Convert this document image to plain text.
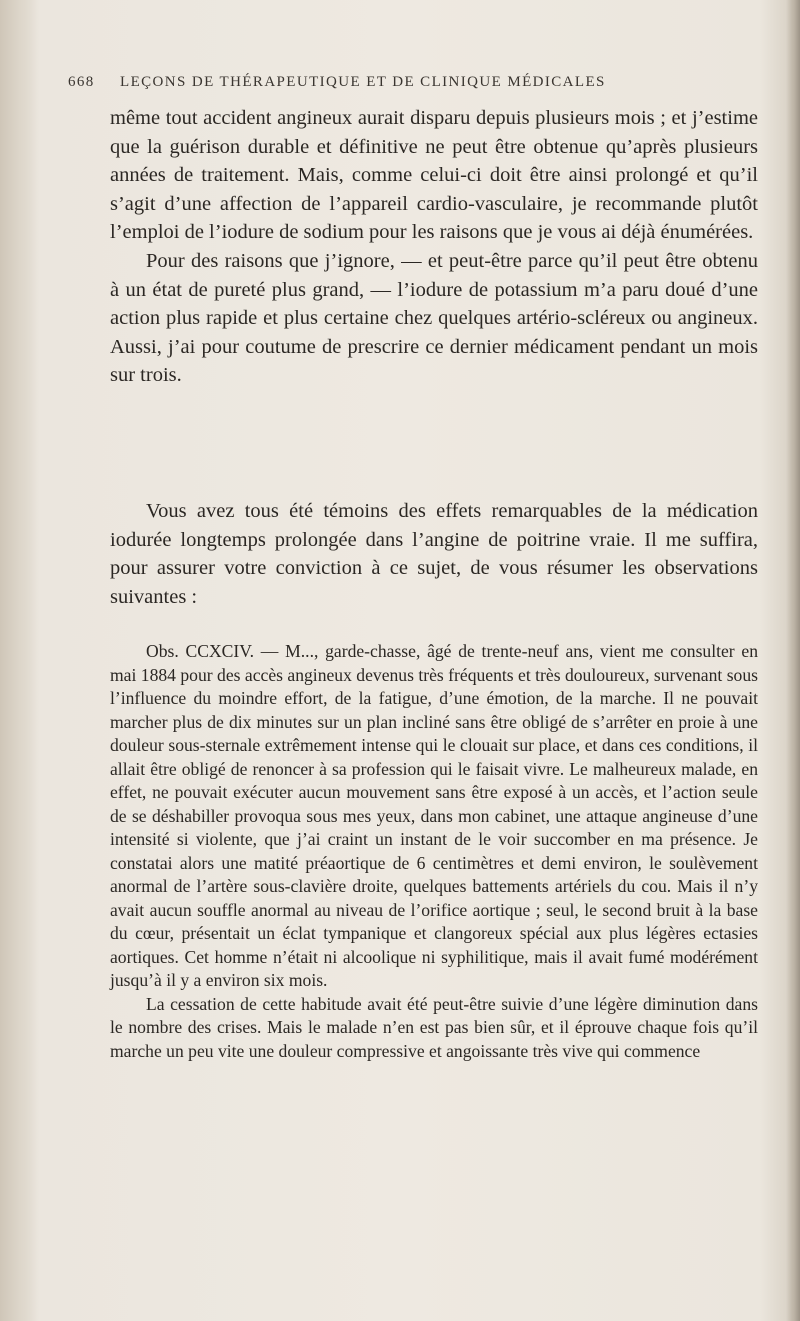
668 LEÇONS DE THÉRAPEUTIQUE ET DE CLINIQUE MÉDICALES

même tout accident angineux aurait disparu depuis plusieurs mois ; et j’estime que la guérison durable et définitive ne peut être obtenue qu’après plusieurs années de traitement. Mais, comme celui-ci doit être ainsi prolongé et qu’il s’agit d’une affection de l’appareil cardio-vasculaire, je recommande plutôt l’emploi de l’iodure de sodium pour les raisons que je vous ai déjà énumérées.

Pour des raisons que j’ignore, — et peut-être parce qu’il peut être obtenu à un état de pureté plus grand, — l’iodure de potassium m’a paru doué d’une action plus rapide et plus certaine chez quelques artério-scléreux ou angineux. Aussi, j’ai pour coutume de prescrire ce dernier médicament pendant un mois sur trois.

Vous avez tous été témoins des effets remarquables de la médication iodurée longtemps prolongée dans l’angine de poitrine vraie. Il me suffira, pour assurer votre conviction à ce sujet, de vous résumer les observations suivantes :

Obs. CCXCIV. — M..., garde-chasse, âgé de trente-neuf ans, vient me consulter en mai 1884 pour des accès angineux devenus très fréquents et très douloureux, survenant sous l’influence du moindre effort, de la fatigue, d’une émotion, de la marche. Il ne pouvait marcher plus de dix minutes sur un plan incliné sans être obligé de s’arrêter en proie à une douleur sous-sternale extrêmement intense qui le clouait sur place, et dans ces conditions, il allait être obligé de renoncer à sa profession qui le faisait vivre. Le malheureux malade, en effet, ne pouvait exécuter aucun mouvement sans être exposé à un accès, et l’action seule de se déshabiller provoqua sous mes yeux, dans mon cabinet, une attaque angineuse d’une intensité si violente, que j’ai craint un instant de le voir succomber en ma présence. Je constatai alors une matité préaortique de 6 centimètres et demi environ, le soulèvement anormal de l’artère sous-clavière droite, quelques battements artériels du cou. Mais il n’y avait aucun souffle anormal au niveau de l’orifice aortique ; seul, le second bruit à la base du cœur, présentait un éclat tympanique et clangoreux spécial aux plus légères ectasies aortiques. Cet homme n’était ni alcoolique ni syphilitique, mais il avait fumé modérément jusqu’à il y a environ six mois.

La cessation de cette habitude avait été peut-être suivie d’une légère diminution dans le nombre des crises. Mais le malade n’en est pas bien sûr, et il éprouve chaque fois qu’il marche un peu vite une douleur compressive et angoissante très vive qui commence
